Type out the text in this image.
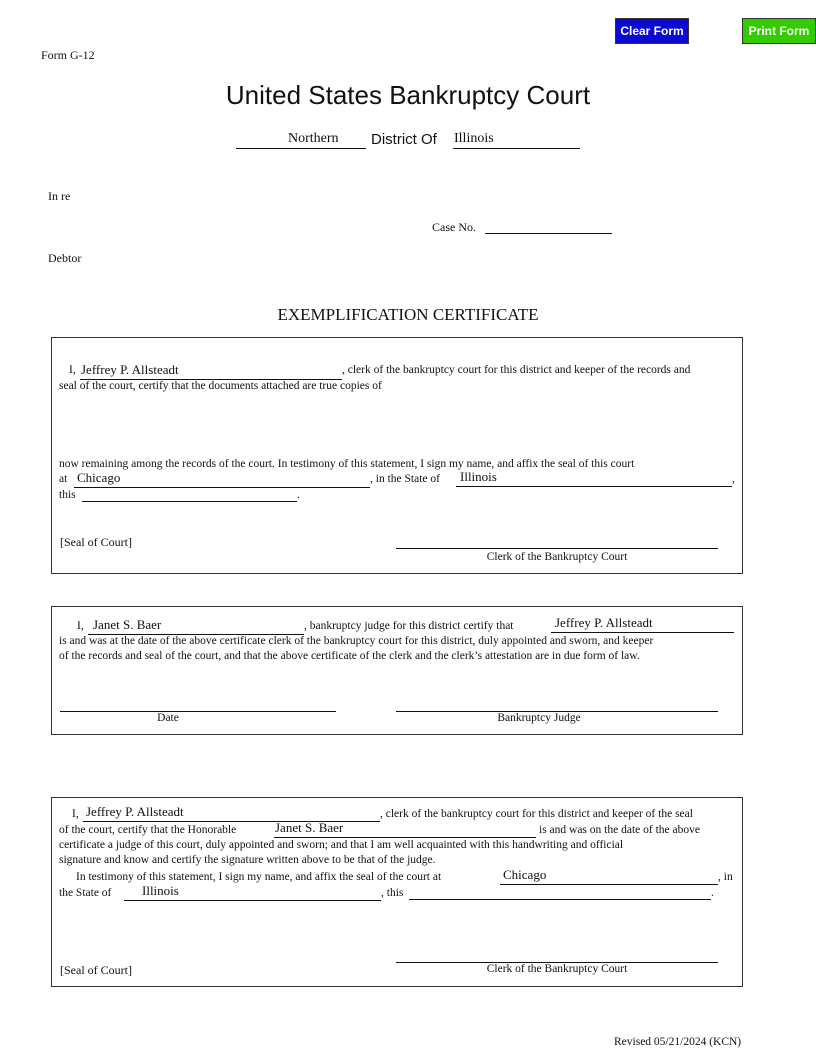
Clear Form	Print Form
Form G-12
United States Bankruptcy Court
Northern District Of Illinois
In re
Case No.
Debtor
EXEMPLIFICATION CERTIFICATE
I, Jeffrey P. Allsteadt	, clerk of the bankruptcy court for this district and keeper of the records and
seal of the court, certify that the documents attached are true copies of
now remaining among the records of the court. In testimony of this statement, I sign my name, and affix the seal of this court
at Chicago	, in the State of Illinois	,
this	.
[Seal of Court]
Clerk of the Bankruptcy Court
I, Janet S. Baer	, bankruptcy judge for this district certify that	Jeffrey P. Allsteadt
is and was at the date of the above certificate clerk of the bankruptcy court for this district, duly appointed and sworn, and keeper
of the records and seal of the court, and that the above certificate of the clerk and the clerk’s attestation are in due form of law.
Date	Bankruptcy Judge
I, Jeffrey P. Allsteadt	, clerk of the bankruptcy court for this district and keeper of the seal
of the court, certify that the Honorable	Janet S. Baer	is and was on the date of the above
certificate a judge of this court, duly appointed and sworn; and that I am well acquainted with this handwriting and official
signature and know and certify the signature written above to be that of the judge.
In testimony of this statement, I sign my name, and affix the seal of the court at	Chicago	, in
the State of Illinois	, this	.
[Seal of Court]	Clerk of the Bankruptcy Court
Revised 05/21/2024 (KCN)
